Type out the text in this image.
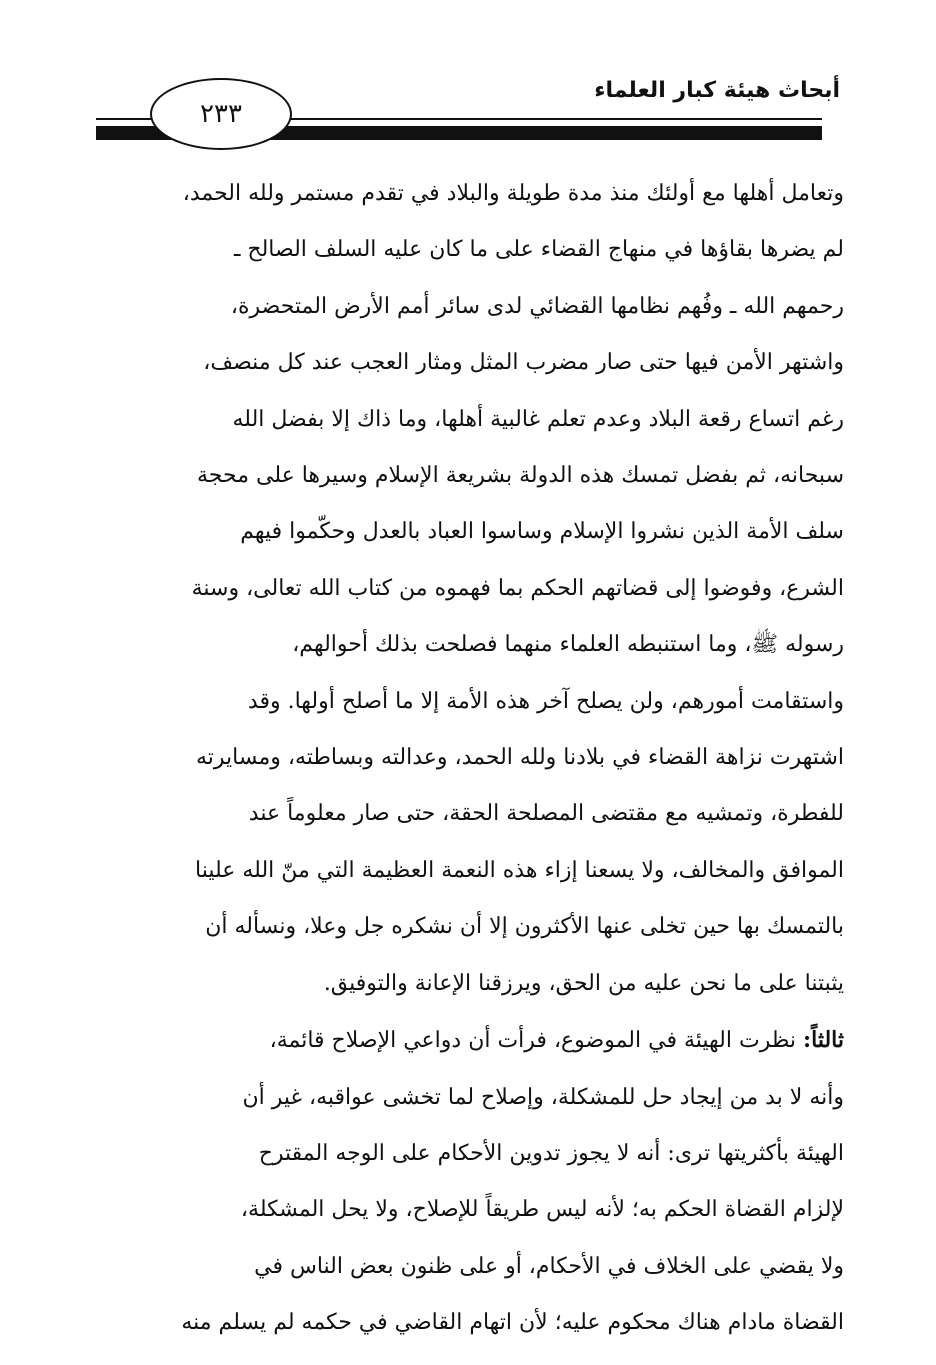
أبحاث هيئة كبار العلماء
٢٣٣
وتعامل أهلها مع أولئك منذ مدة طويلة والبلاد في تقدم مستمر ولله الحمد،
لم يضرها بقاؤها في منهاج القضاء على ما كان عليه السلف الصالح ـ
رحمهم الله ـ وفُهم نظامها القضائي لدى سائر أمم الأرض المتحضرة،
واشتهر الأمن فيها حتى صار مضرب المثل ومثار العجب عند كل منصف،
رغم اتساع رقعة البلاد وعدم تعلم غالبية أهلها، وما ذاك إلا بفضل الله
سبحانه، ثم بفضل تمسك هذه الدولة بشريعة الإسلام وسيرها على محجة
سلف الأمة الذين نشروا الإسلام وساسوا العباد بالعدل وحكّموا فيهم
الشرع، وفوضوا إلى قضاتهم الحكم بما فهموه من كتاب الله تعالى، وسنة
رسوله ﷺ، وما استنبطه العلماء منهما فصلحت بذلك أحوالهم،
واستقامت أمورهم، ولن يصلح آخر هذه الأمة إلا ما أصلح أولها. وقد
اشتهرت نزاهة القضاء في بلادنا ولله الحمد، وعدالته وبساطته، ومسايرته
للفطرة، وتمشيه مع مقتضى المصلحة الحقة، حتى صار معلوماً عند
الموافق والمخالف، ولا يسعنا إزاء هذه النعمة العظيمة التي منّ الله علينا
بالتمسك بها حين تخلى عنها الأكثرون إلا أن نشكره جل وعلا، ونسأله أن
يثبتنا على ما نحن عليه من الحق، ويرزقنا الإعانة والتوفيق.
ثالثاً: نظرت الهيئة في الموضوع، فرأت أن دواعي الإصلاح قائمة،
وأنه لا بد من إيجاد حل للمشكلة، وإصلاح لما تخشى عواقبه، غير أن
الهيئة بأكثريتها ترى: أنه لا يجوز تدوين الأحكام على الوجه المقترح
لإلزام القضاة الحكم به؛ لأنه ليس طريقاً للإصلاح، ولا يحل المشكلة،
ولا يقضي على الخلاف في الأحكام، أو على ظنون بعض الناس في
القضاة مادام هناك محكوم عليه؛ لأن اتهام القاضي في حكمه لم يسلم منه
